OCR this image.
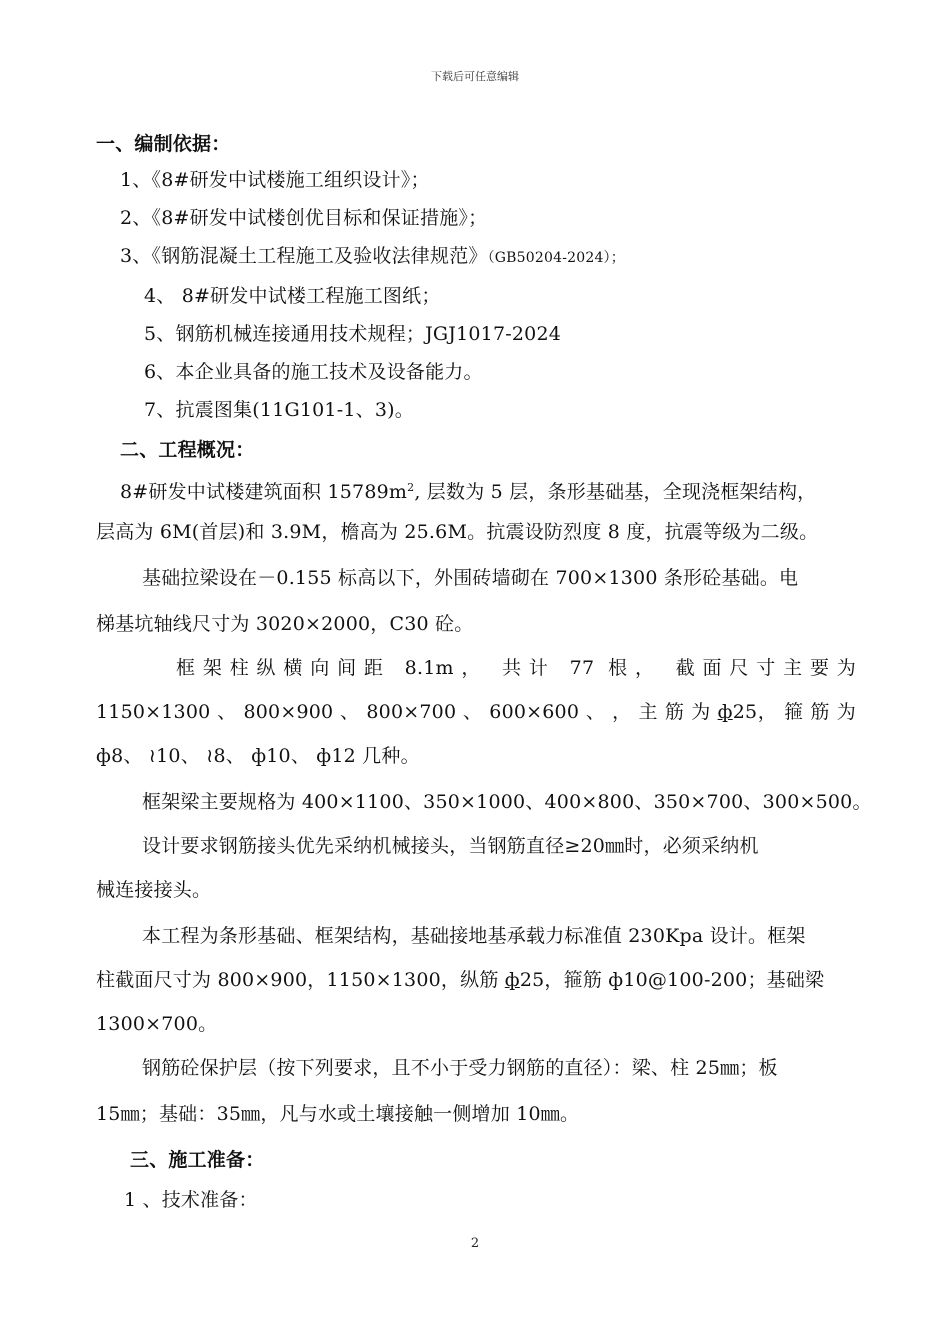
下载后可任意编辑
一、编制依据：
1、《8#研发中试楼施工组织设计》；
2、《8#研发中试楼创优目标和保证措施》；
3、《钢筋混凝土工程施工及验收法律规范》（GB50204-2024）；
4、 8#研发中试楼工程施工图纸；
5、钢筋机械连接通用技术规程；JGJ1017-2024
6、本企业具备的施工技术及设备能力。
7、抗震图集(11G101-1、3)。
二、工程概况：
8#研发中试楼建筑面积 $15789m^2$, 层数为 5 层，条形基础基，全现浇框架结构，
层高为 6M(首层)和 3.9M，檐高为 25.6M。抗震设防烈度 8 度，抗震等级为二级。
基础拉梁设在－0.155 标高以下，外围砖墙砌在 700×1300 条形砼基础。电
梯基坑轴线尺寸为 3020×2000，C30 砼。
框架柱纵横向间距 8.1m， 共计 77 根， 截面尺寸主要为
1150×1300 、 800×900 、 800×700 、 600×600 、 ， 主 筋 为 ф25， 箍 筋 为
ф8、 ≀10、 ≀8、 ф10、 ф12 几种。
框架梁主要规格为 400×1100、350×1000、400×800、350×700、300×500。
设计要求钢筋接头优先采纳机械接头，当钢筋直径≥20㎜时，必须采纳机
械连接接头。
本工程为条形基础、框架结构，基础接地基承载力标准值 230Kpa 设计。框架
柱截面尺寸为 800×900，1150×1300，纵筋 ф25，箍筋 ф10@100-200；基础梁
1300×700。
钢筋砼保护层（按下列要求，且不小于受力钢筋的直径）：梁、柱 25㎜；板
15㎜；基础：35㎜，凡与水或土壤接触一侧增加 10㎜。
三、施工准备：
1 、技术准备：
2
